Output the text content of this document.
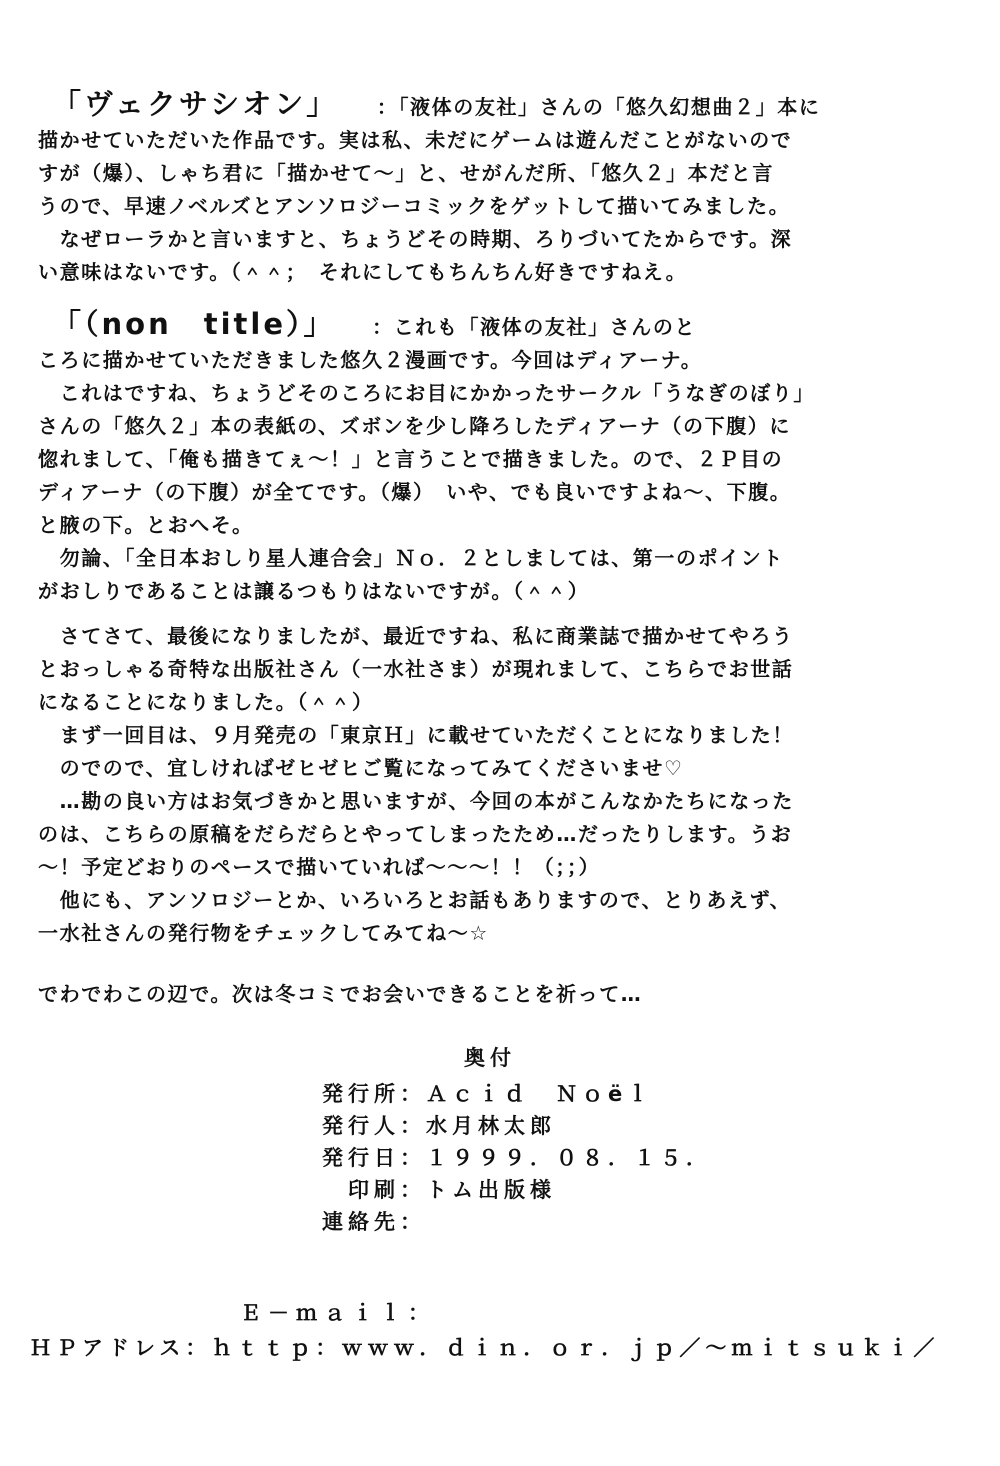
「ヴェクサシオン」 ：「液体の友社」さんの「悠久幻想曲２」本に
描かせていただいた作品です。実は私、未だにゲームは遊んだことがないので
すが（爆）、しゃち君に「描かせて～」と、せがんだ所、「悠久２」本だと言
うので、早速ノベルズとアンソロジーコミックをゲットして描いてみました。
　なぜローラかと言いますと、ちょうどその時期、ろりづいてたからです。深
い意味はないです。（＾＾；　それにしてもちんちん好きですねえ。
「（non　title）」 ：これも「液体の友社」さんのと
ころに描かせていただきました悠久２漫画です。今回はディアーナ。
　これはですね、ちょうどそのころにお目にかかったサークル「うなぎのぼり」
さんの「悠久２」本の表紙の、ズボンを少し降ろしたディアーナ（の下腹）に
惚れまして、「俺も描きてぇ～！」と言うことで描きました。ので、２Ｐ目の
ディアーナ（の下腹）が全てです。（爆）　いや、でも良いですよね～、下腹。
と腋の下。とおへそ。
　勿論、「全日本おしり星人連合会」Ｎｏ．２としましては、第一のポイント
がおしりであることは譲るつもりはないですが。（＾＾）
　さてさて、最後になりましたが、最近ですね、私に商業誌で描かせてやろう
とおっしゃる奇特な出版社さん（一水社さま）が現れまして、こちらでお世話
になることになりました。（＾＾）
　まず一回目は、９月発売の「東京Ｈ」に載せていただくことになりました！
　のでので、宜しければゼヒゼヒご覧になってみてくださいませ♡
　…勘の良い方はお気づきかと思いますが、今回の本がこんなかたちになった
のは、こちらの原稿をだらだらとやってしまったため…だったりします。うお
～！予定どおりのペースで描いていれば～～～！！（；；）
　他にも、アンソロジーとか、いろいろとお話もありますので、とりあえず、
一水社さんの発行物をチェックしてみてね～☆
でわでわこの辺で。次は冬コミでお会いできることを祈って…
奥付
発行所：Ａｃｉｄ　Ｎｏëｌ
発行人：水月林太郎
発行日：１９９９．０８．１５．
印刷：トム出版様
連絡先：
Ｅ－ｍａｉｌ：
ＨＰアドレス：ｈｔｔｐ：ｗｗｗ．ｄｉｎ．ｏｒ．ｊｐ／～ｍｉｔｓｕｋｉ／
